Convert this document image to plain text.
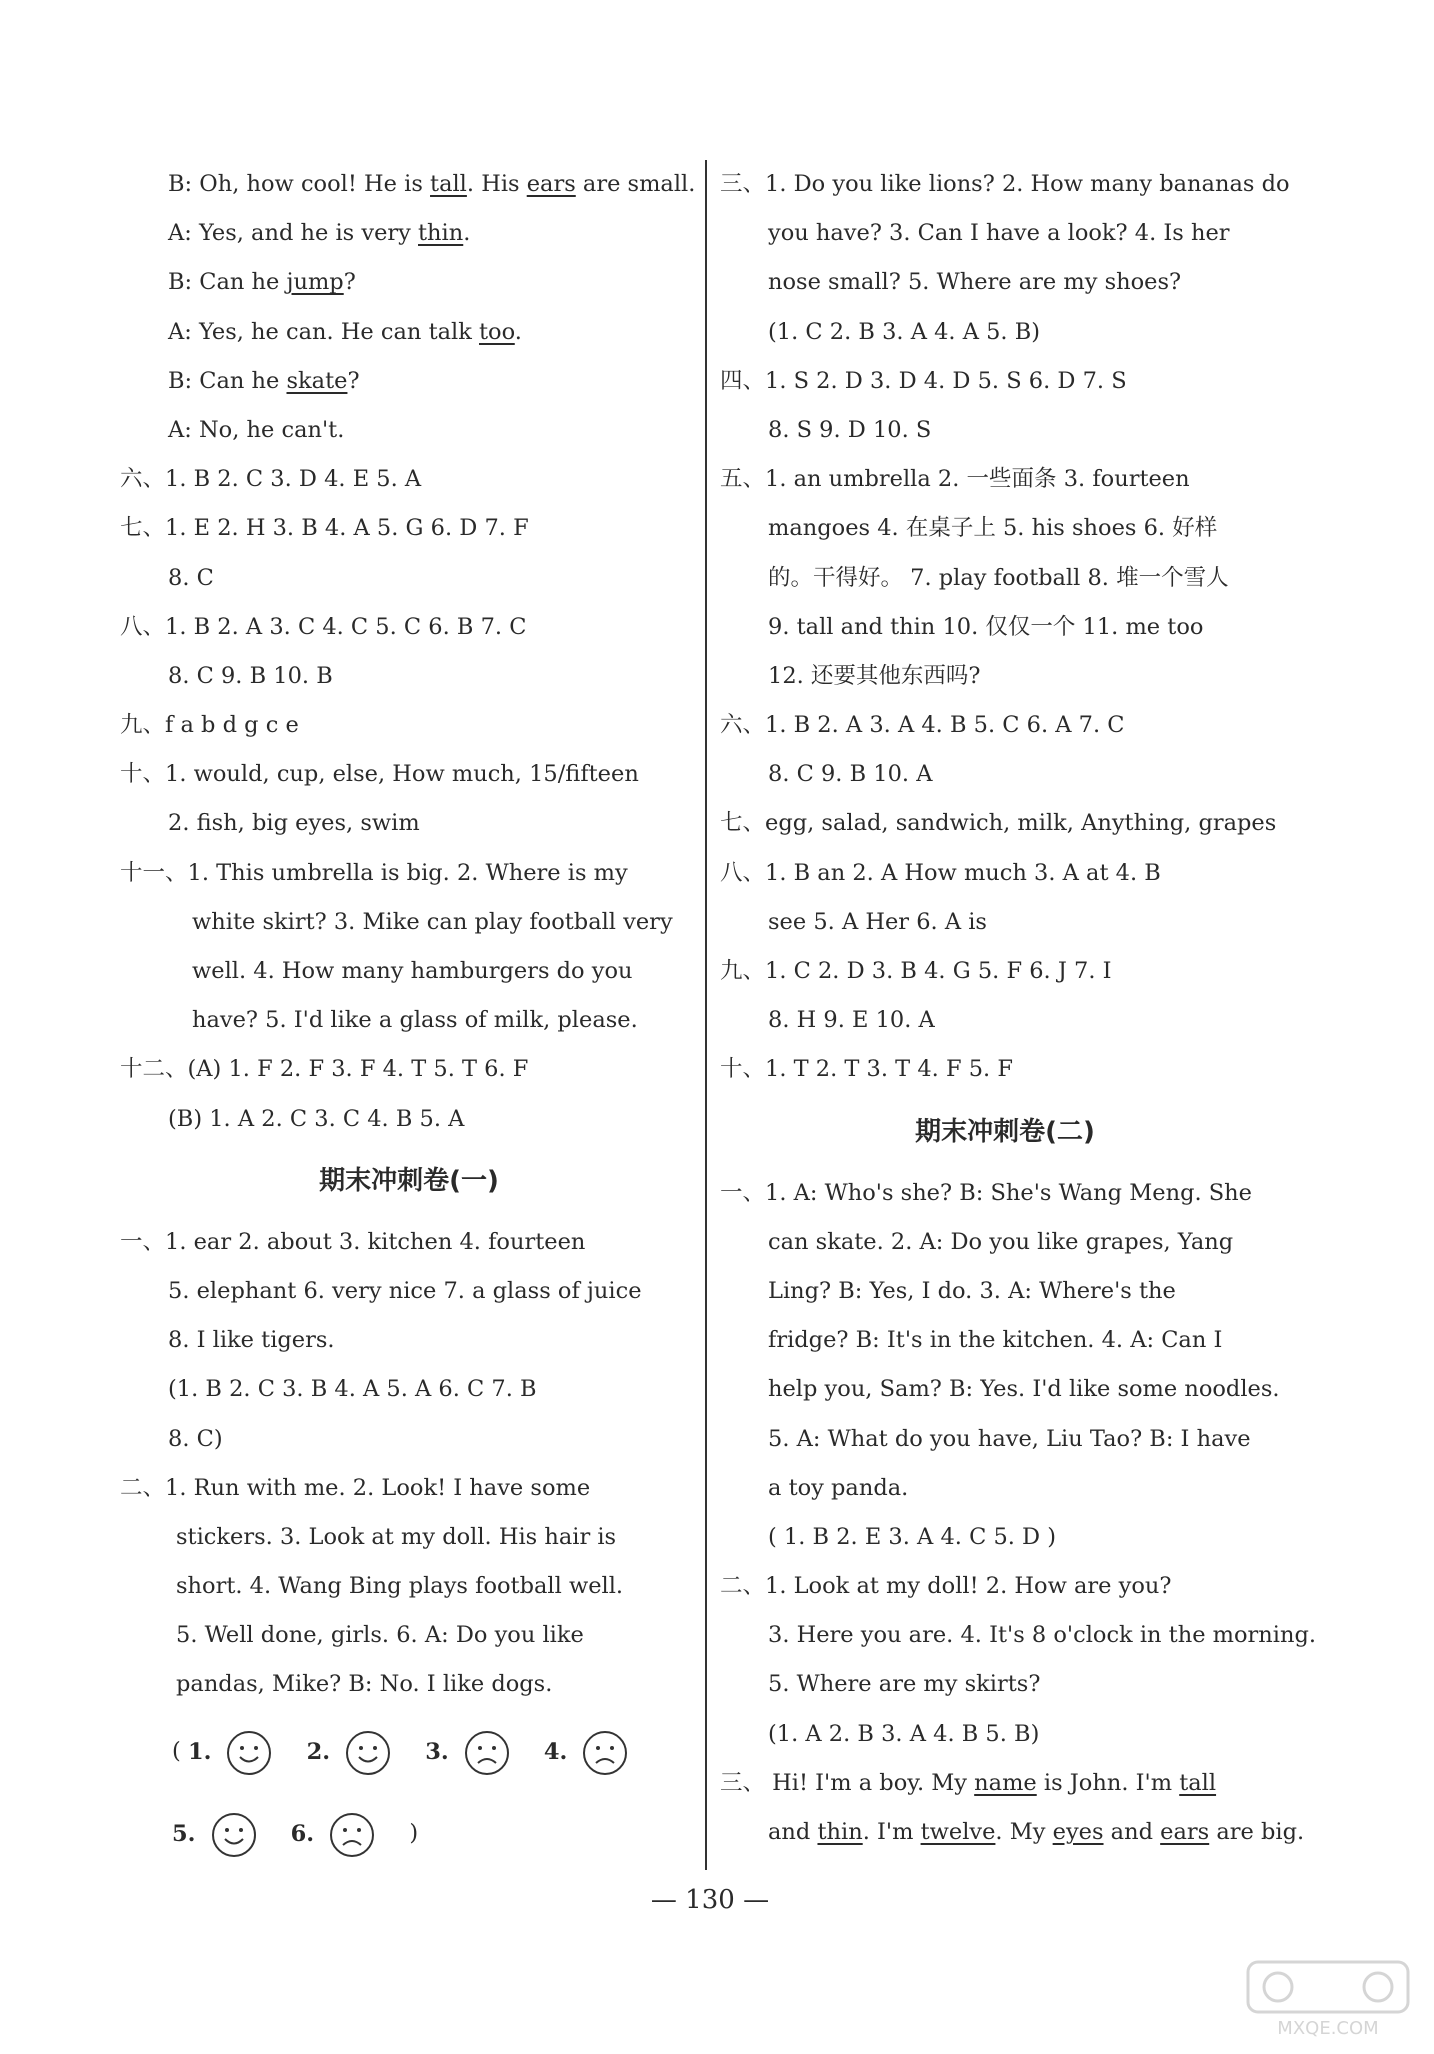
B: Oh, how cool! He is tall. His ears are small.
A: Yes, and he is very thin.
B: Can he jump?
A: Yes, he can. He can talk too.
B: Can he skate?
A: No, he can't.
六、1. B 2. C 3. D 4. E 5. A
七、1. E 2. H 3. B 4. A 5. G 6. D 7. F
8. C
八、1. B 2. A 3. C 4. C 5. C 6. B 7. C
8. C 9. B 10. B
九、f a b d g c e
十、1. would, cup, else, How much, 15/fifteen
2. fish, big eyes, swim
十一、1. This umbrella is big. 2. Where is my
white skirt? 3. Mike can play football very
well. 4. How many hamburgers do you
have? 5. I'd like a glass of milk, please.
十二、(A) 1. F 2. F 3. F 4. T 5. T 6. F
(B) 1. A 2. C 3. C 4. B 5. A
期末冲刺卷(一)
一、1. ear 2. about 3. kitchen 4. fourteen
5. elephant 6. very nice 7. a glass of juice
8. I like tigers.
(1. B 2. C 3. B 4. A 5. A 6. C 7. B
8. C)
二、1. Run with me. 2. Look! I have some
stickers. 3. Look at my doll. His hair is
short. 4. Wang Bing plays football well.
5. Well done, girls. 6. A: Do you like
pandas, Mike? B: No. I like dogs.
( 1.	2.	3.	4.
5.	6.	)
三、1. Do you like lions? 2. How many bananas do
you have? 3. Can I have a look? 4. Is her
nose small? 5. Where are my shoes?
(1. C 2. B 3. A 4. A 5. B)
四、1. S 2. D 3. D 4. D 5. S 6. D 7. S
8. S 9. D 10. S
五、1. an umbrella 2. 一些面条 3. fourteen
mangoes 4. 在桌子上 5. his shoes 6. 好样
的。干得好。 7. play football 8. 堆一个雪人
9. tall and thin 10. 仅仅一个 11. me too
12. 还要其他东西吗?
六、1. B 2. A 3. A 4. B 5. C 6. A 7. C
8. C 9. B 10. A
七、egg, salad, sandwich, milk, Anything, grapes
八、1. B an 2. A How much 3. A at 4. B
see 5. A Her 6. A is
九、1. C 2. D 3. B 4. G 5. F 6. J 7. I
8. H 9. E 10. A
十、1. T 2. T 3. T 4. F 5. F
期末冲刺卷(二)
一、1. A: Who's she? B: She's Wang Meng. She
can skate. 2. A: Do you like grapes, Yang
Ling? B: Yes, I do. 3. A: Where's the
fridge? B: It's in the kitchen. 4. A: Can I
help you, Sam? B: Yes. I'd like some noodles.
5. A: What do you have, Liu Tao? B: I have
a toy panda.
( 1. B 2. E 3. A 4. C 5. D )
二、1. Look at my doll! 2. How are you?
3. Here you are. 4. It's 8 o'clock in the morning.
5. Where are my skirts?
(1. A 2. B 3. A 4. B 5. B)
三、 Hi! I'm a boy. My name is John. I'm tall
and thin. I'm twelve. My eyes and ears are big.
— 130 —
MXQE.COM
